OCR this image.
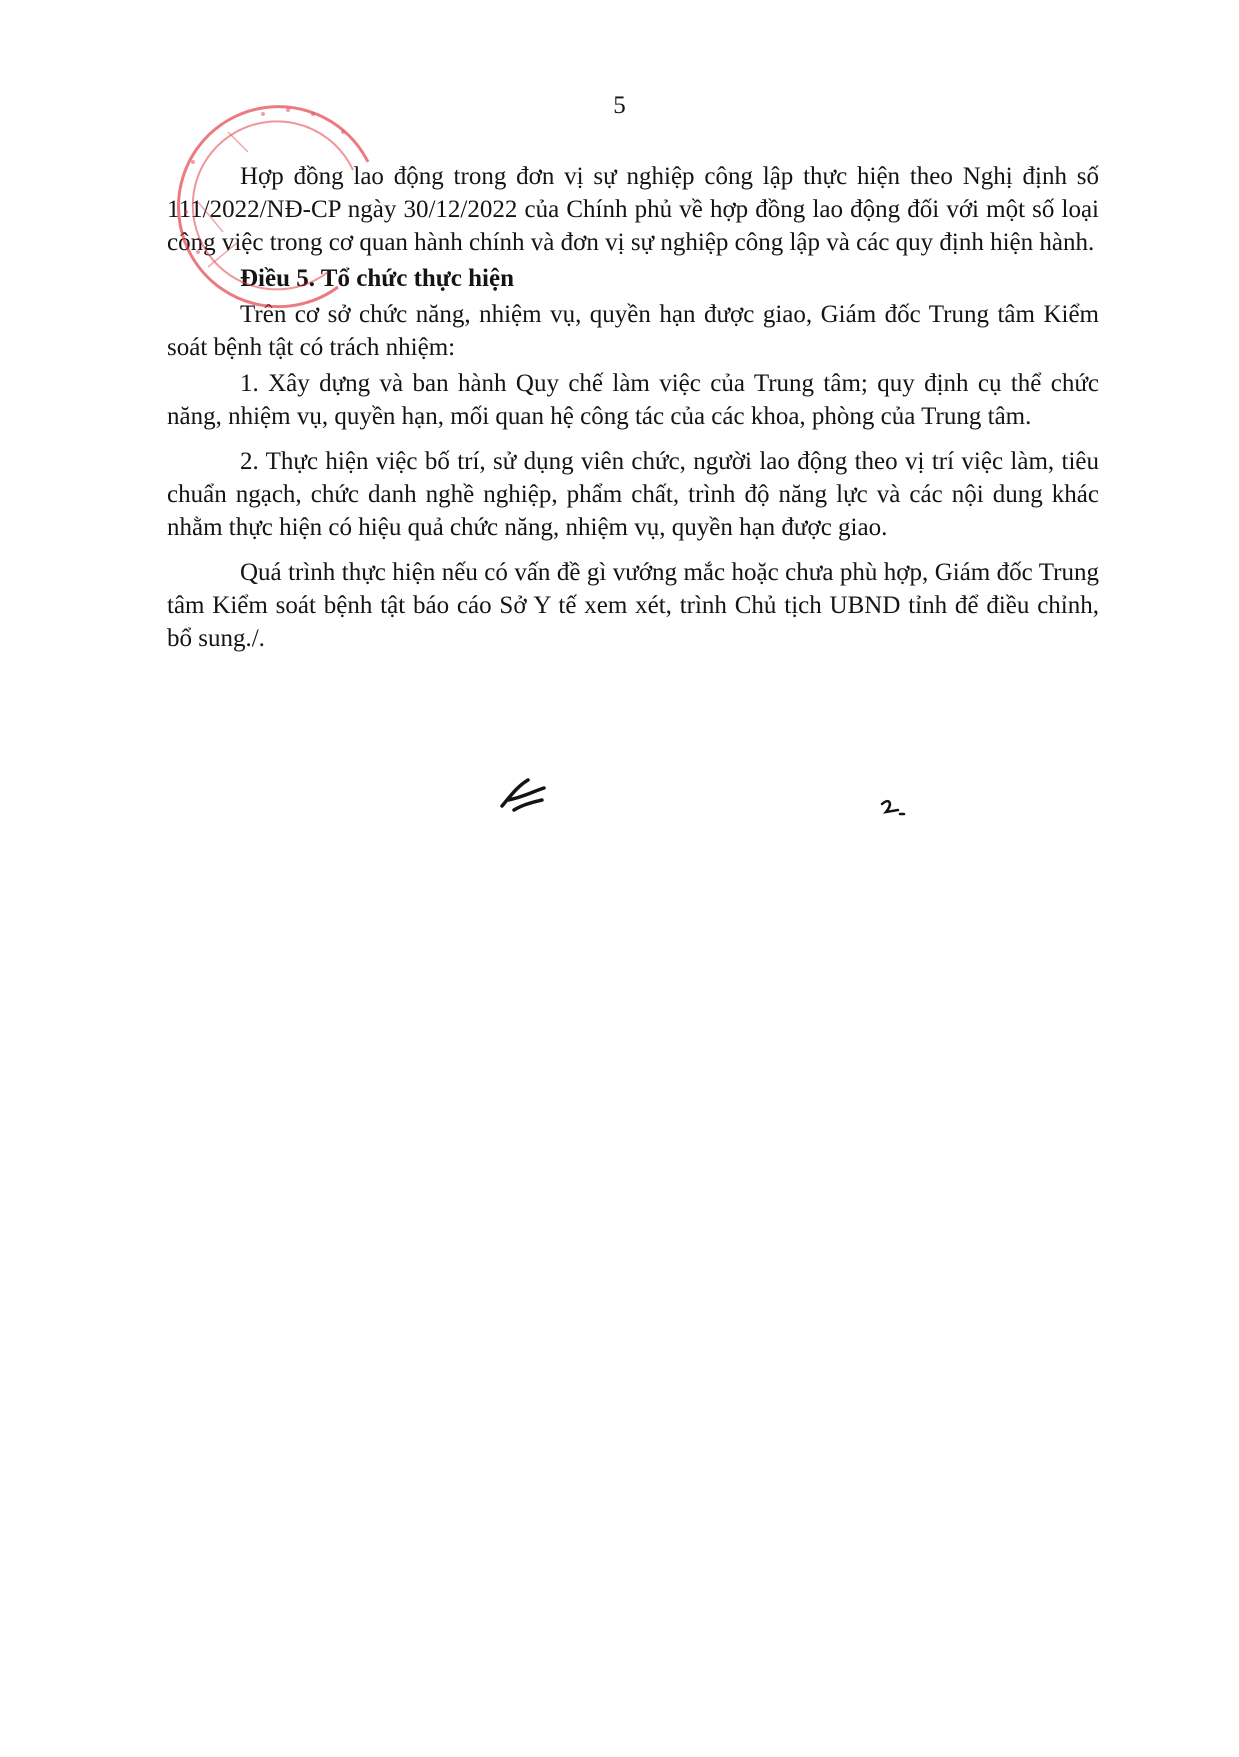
5

Hợp đồng lao động trong đơn vị sự nghiệp công lập thực hiện theo Nghị định số 111/2022/NĐ-CP ngày 30/12/2022 của Chính phủ về hợp đồng lao động đối với một số loại công việc trong cơ quan hành chính và đơn vị sự nghiệp công lập và các quy định hiện hành.

Điều 5. Tổ chức thực hiện

Trên cơ sở chức năng, nhiệm vụ, quyền hạn được giao, Giám đốc Trung tâm Kiểm soát bệnh tật có trách nhiệm:

1. Xây dựng và ban hành Quy chế làm việc của Trung tâm; quy định cụ thể chức năng, nhiệm vụ, quyền hạn, mối quan hệ công tác của các khoa, phòng của Trung tâm.

2. Thực hiện việc bố trí, sử dụng viên chức, người lao động theo vị trí việc làm, tiêu chuẩn ngạch, chức danh nghề nghiệp, phẩm chất, trình độ năng lực và các nội dung khác nhằm thực hiện có hiệu quả chức năng, nhiệm vụ, quyền hạn được giao.

Quá trình thực hiện nếu có vấn đề gì vướng mắc hoặc chưa phù hợp, Giám đốc Trung tâm Kiểm soát bệnh tật báo cáo Sở Y tế xem xét, trình Chủ tịch UBND tỉnh để điều chỉnh, bổ sung./.
